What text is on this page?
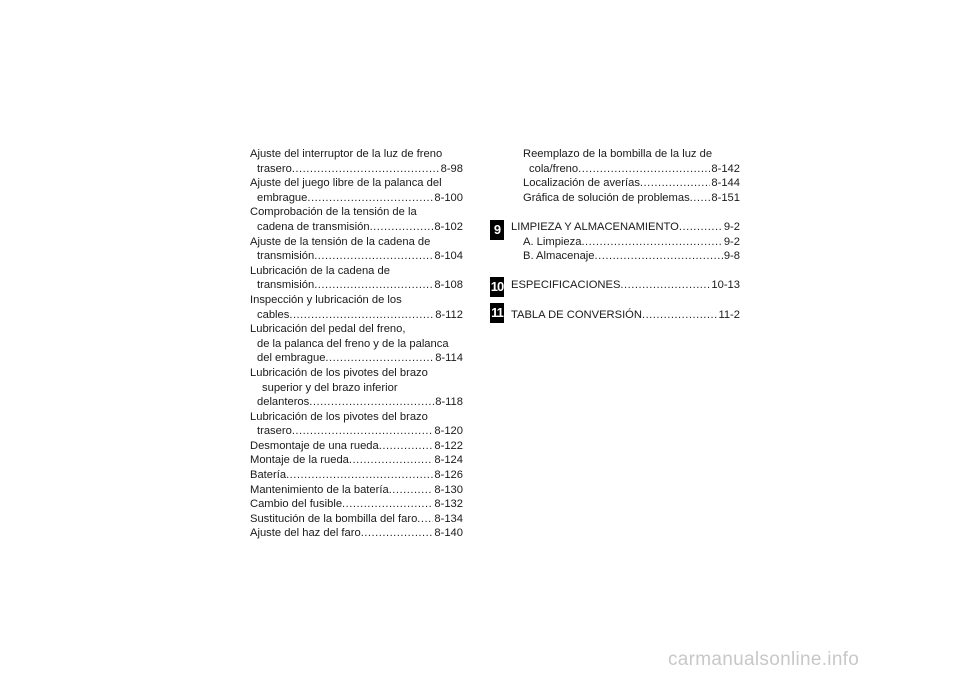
Ajuste del interruptor de la luz de freno
trasero .....	8-98
Ajuste del juego libre de la palanca del
embrague .....	8-100
Comprobación de la tensión de la
cadena de transmisión .....	8-102
Ajuste de la tensión de la cadena de
transmisión .....	8-104
Lubricación de la cadena de
transmisión .....	8-108
Inspección y lubricación de los
cables .....	8-112
Lubricación del pedal del freno,
de la palanca del freno y de la palanca
del embrague .....	8-114
Lubricación de los pivotes del brazo
superior y del brazo inferior
delanteros .....	8-118
Lubricación de los pivotes del brazo
trasero .....	8-120
Desmontaje de una rueda .....	8-122
Montaje de la rueda .....	8-124
Batería .....	8-126
Mantenimiento de la batería .....	8-130
Cambio del fusible .....	8-132
Sustitución de la bombilla del faro ..... 8-134
Ajuste del haz del faro .....	8-140
Reemplazo de la bombilla de la luz de
cola/freno .....	8-142
Localización de averías .....	8-144
Gráfica de solución de problemas ..... 8-151
LIMPIEZA Y ALMACENAMIENTO .....	9-2
A. Limpieza .....	9-2
B. Almacenaje .....	9-8
ESPECIFICACIONES .....	10-13
TABLA DE CONVERSIÓN .....	11-2
9
10
11
carmanualsonline.info
